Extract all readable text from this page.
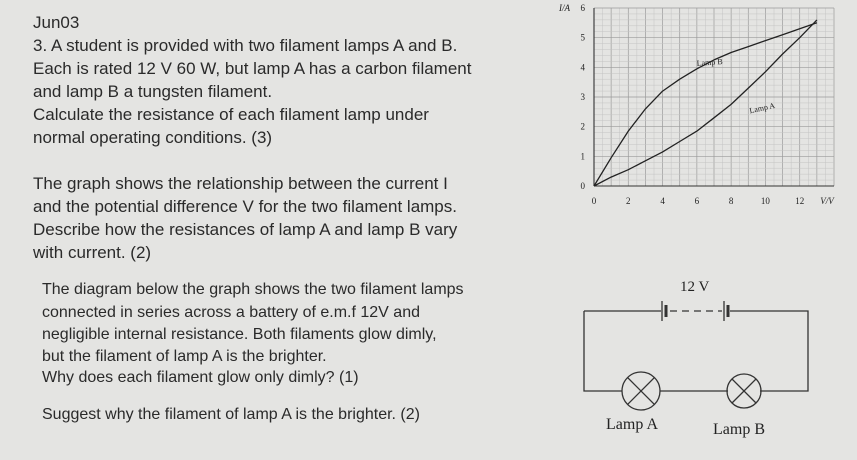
Jun03
3. A student is provided with two filament lamps A and B.
Each is rated 12 V 60 W, but lamp A has a carbon filament
and lamp B a tungsten filament.
Calculate the resistance of each filament lamp under
normal operating conditions. (3)
The graph shows the relationship between the current I
and the potential difference V for the two filament lamps.
Describe how the resistances of lamp A and lamp B vary
with current. (2)
The diagram below the graph shows the two filament lamps
connected in series across a battery of e.m.f 12V and
negligible internal resistance. Both filaments glow dimly,
but the filament of lamp A is the brighter.
Why does each filament glow only dimly? (1)
Suggest why the filament of lamp A is the brighter. (2)
0	2	4	6	8	10	12
0
1
2
3
4
5
6
V/V
I/A
Lamp B
Lamp A
12 V
Lamp A	Lamp B
